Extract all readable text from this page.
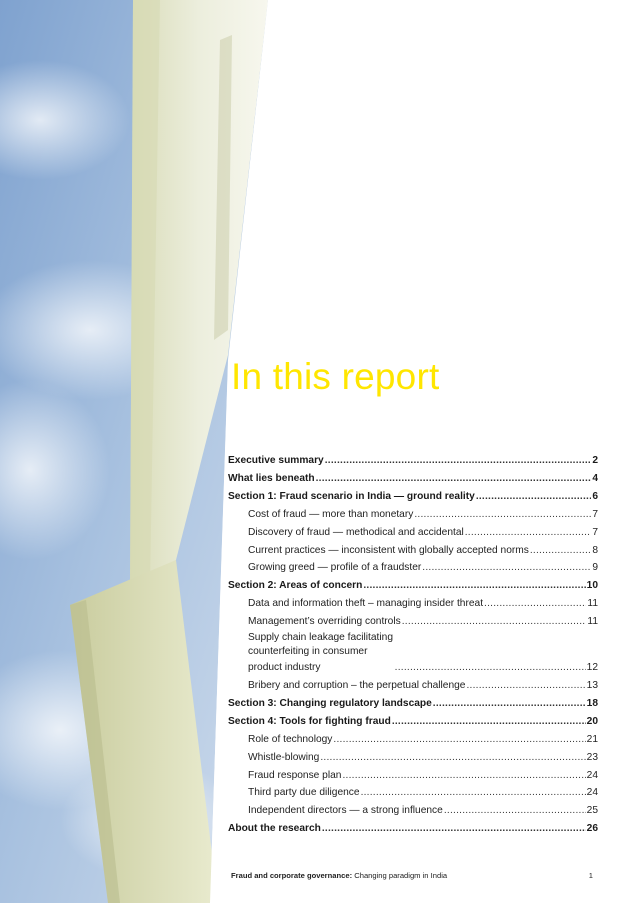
In this report
Executive summary . . .	2
What lies beneath . . .	4
Section 1: Fraud scenario in India — ground reality . . .	6
Cost of fraud — more than monetary . . .	7
Discovery of fraud — methodical and accidental . . .	7
Current practices — inconsistent with globally accepted norms . . .	8
Growing greed — profile of a fraudster . . .	9
Section 2: Areas of concern . . .	10
Data and information theft – managing insider threat . . .	11
Management’s overriding controls . . .	11
Supply chain leakage facilitating counterfeiting in consumer
product industry . . .	12
Bribery and corruption – the perpetual challenge . . .	13
Section 3: Changing regulatory landscape . . .	18
Section 4: Tools for fighting fraud . . .	20
Role of technology . . .	21
Whistle-blowing . . .	23
Fraud response plan . . .	24
Third party due diligence . . .	24
Independent directors — a strong influence . . .	25
About the research . . .	26
Fraud and corporate governance: Changing paradigm in India	1
